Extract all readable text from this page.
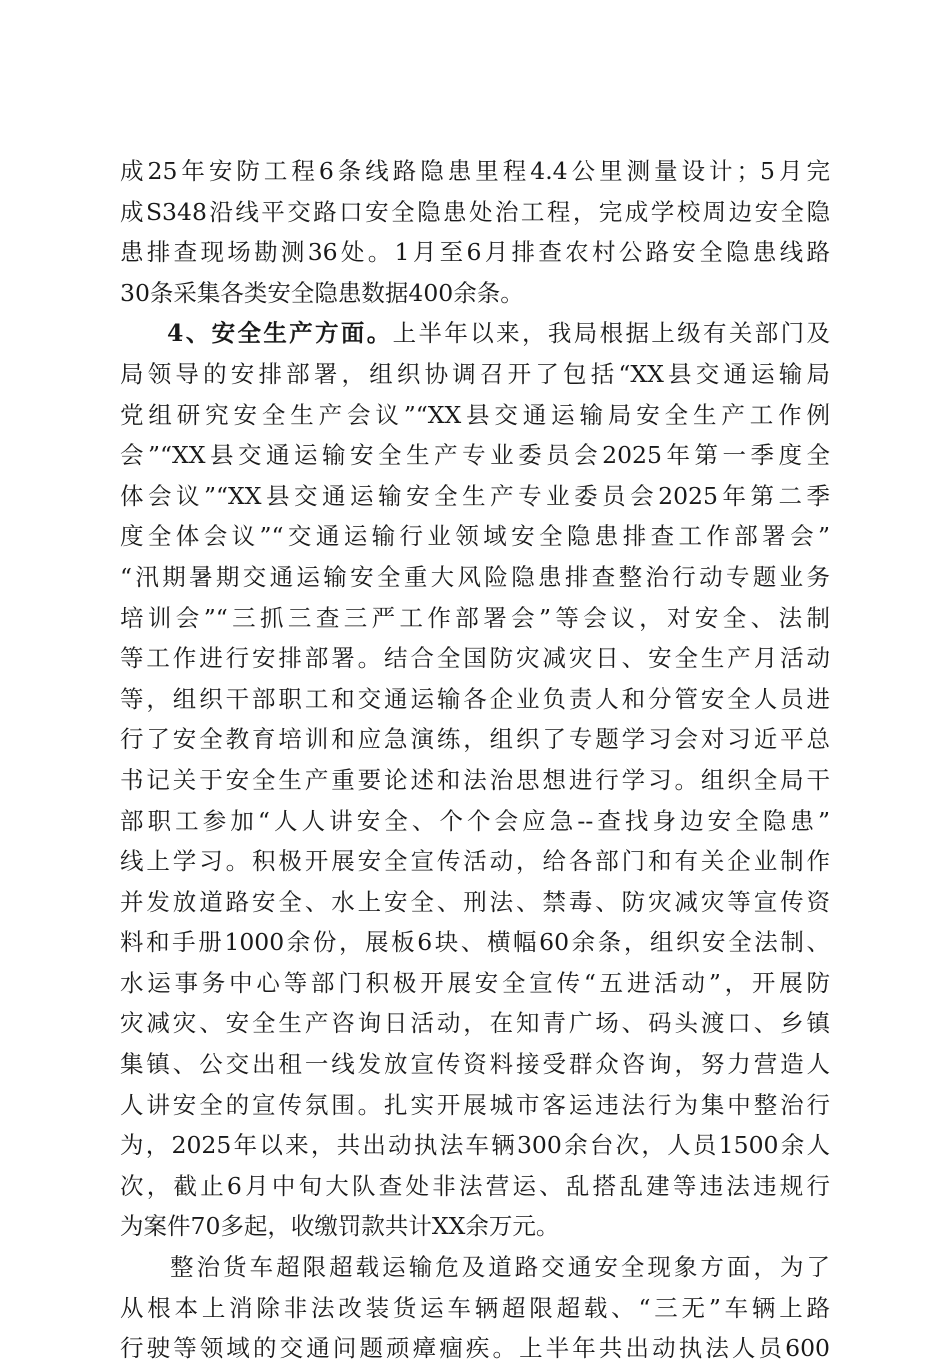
成25年安防工程6条线路隐患里程4.4公里测量设计；5月完
成S348沿线平交路口安全隐患处治工程，完成学校周边安全隐
患排查现场勘测36处。1月至6月排查农村公路安全隐患线路
30条采集各类安全隐患数据400余条。
4、安全生产方面。上半年以来，我局根据上级有关部门及
局领导的安排部署，组织协调召开了包括“XX县交通运输局
党组研究安全生产会议”“XX县交通运输局安全生产工作例
会”“XX县交通运输安全生产专业委员会2025年第一季度全
体会议”“XX县交通运输安全生产专业委员会2025年第二季
度全体会议”“交通运输行业领域安全隐患排查工作部署会”
“汛期暑期交通运输安全重大风险隐患排查整治行动专题业务
培训会”“三抓三查三严工作部署会”等会议，对安全、法制
等工作进行安排部署。结合全国防灾减灾日、安全生产月活动
等，组织干部职工和交通运输各企业负责人和分管安全人员进
行了安全教育培训和应急演练，组织了专题学习会对习近平总
书记关于安全生产重要论述和法治思想进行学习。组织全局干
部职工参加“人人讲安全、个个会应急--查找身边安全隐患”
线上学习。积极开展安全宣传活动，给各部门和有关企业制作
并发放道路安全、水上安全、刑法、禁毒、防灾减灾等宣传资
料和手册1000余份，展板6块、横幅60余条，组织安全法制、
水运事务中心等部门积极开展安全宣传“五进活动”，开展防
灾减灾、安全生产咨询日活动，在知青广场、码头渡口、乡镇
集镇、公交出租一线发放宣传资料接受群众咨询，努力营造人
人讲安全的宣传氛围。扎实开展城市客运违法行为集中整治行
为，2025年以来，共出动执法车辆300余台次，人员1500余人
次，截止6月中旬大队查处非法营运、乱搭乱建等违法违规行
为案件70多起，收缴罚款共计XX余万元。
整治货车超限超载运输危及道路交通安全现象方面，为了
从根本上消除非法改装货运车辆超限超载、“三无”车辆上路
行驶等领域的交通问题顽瘴痼疾。上半年共出动执法人员600
